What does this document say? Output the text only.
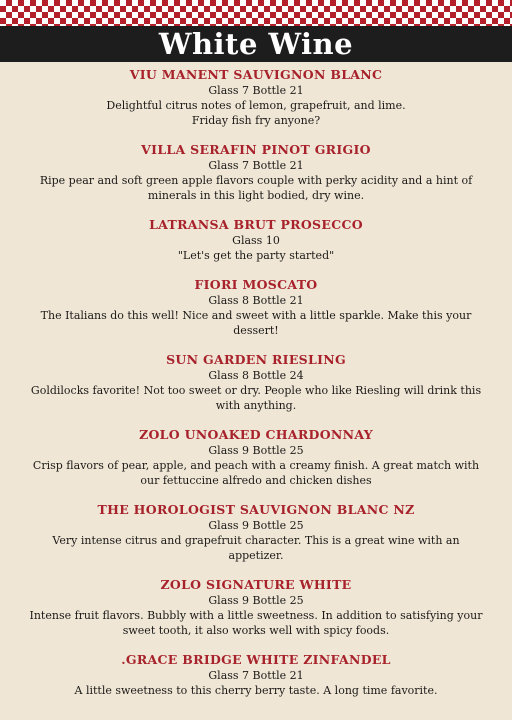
White Wine
VIU MANENT SAUVIGNON BLANC
Glass 7 Bottle 21
Delightful citrus notes of lemon, grapefruit, and lime.
Friday fish fry anyone?
VILLA SERAFIN PINOT GRIGIO
Glass 7 Bottle 21
Ripe pear and soft green apple flavors couple with perky acidity and a hint of minerals in this light bodied, dry wine.
LATRANSA BRUT PROSECCO
Glass 10
"Let's get the party started"
FIORI MOSCATO
Glass 8 Bottle 21
The Italians do this well! Nice and sweet with a little sparkle. Make this your dessert!
SUN GARDEN RIESLING
Glass 8 Bottle 24
Goldilocks favorite! Not too sweet or dry. People who like Riesling will drink this with anything.
ZOLO UNOAKED CHARDONNAY
Glass 9 Bottle 25
Crisp flavors of pear, apple, and peach with a creamy finish. A great match with our fettuccine alfredo and chicken dishes
THE HOROLOGIST SAUVIGNON BLANC NZ
Glass 9 Bottle 25
Very intense citrus and grapefruit character. This is a great wine with an appetizer.
ZOLO SIGNATURE WHITE
Glass 9 Bottle 25
Intense fruit flavors. Bubbly with a little sweetness. In addition to satisfying your sweet tooth, it also works well with spicy foods.
.GRACE BRIDGE WHITE ZINFANDEL
Glass 7 Bottle 21
A little sweetness to this cherry berry taste. A long time favorite.
